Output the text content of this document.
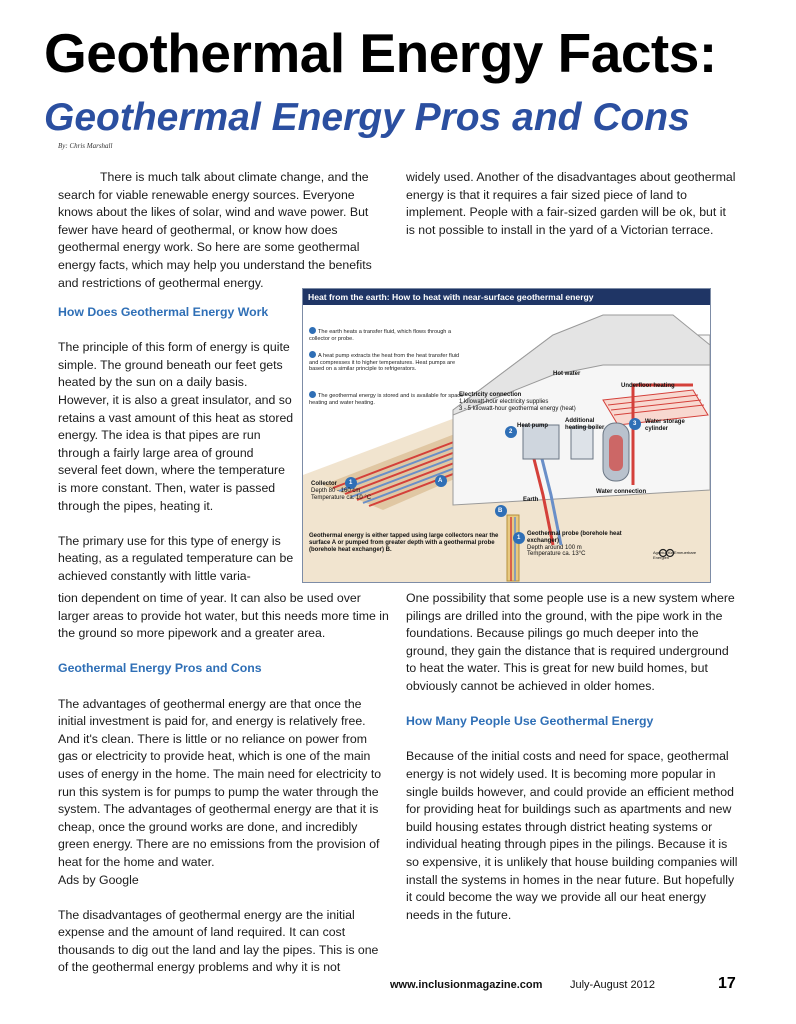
Geothermal Energy Facts:
Geothermal Energy Pros and Cons
By: Chris Marshall

There is much talk about climate change, and the search for viable renewable energy sources. Everyone knows about the likes of solar, wind and wave power. But fewer have heard of geothermal, or know how does geothermal energy work. So here are some geothermal energy facts, which may help you understand the benefits and restrictions of geothermal energy.

widely used. Another of the disadvantages about geothermal energy is that it requires a fair sized piece of land to implement. People with a fair-sized garden will be ok, but it is not possible to install in the yard of a Victorian terrace.

How Does Geothermal Energy Work

The principle of this form of energy is quite simple. The ground beneath our feet gets heated by the sun on a daily basis. However, it is also a great insulator, and so retains a vast amount of this heat as stored energy. The idea is that pipes are run through a fairly large area of ground several feet down, where the temperature is more constant. Then, water is passed through the pipes, heating it.

The primary use for this type of energy is heating, as a regulated temperature can be achieved constantly with little varia-

Heat from the earth: How to heat with near-surface geothermal energy
A
B
1
1
2
3
The earth heats a transfer fluid, which flows through a collector or probe.
A heat pump extracts the heat from the heat transfer fluid and compresses it to higher temperatures. Heat pumps are based on a similar principle to refrigerators.
The geothermal energy is stored and is available for space heating and water heating.
Hot water
Underfloor heating
Electricity connection
1 kilowatt-hour electricity supplies
3 - 5 kilowatt-hour geothermal energy (heat)
Heat pump
Additional heating boiler
Water storage cylinder
Water connection
Earth
Collector
Depth 80 - 160 cm
Temperature ca. 10 °C
Geothermal probe (borehole heat exchanger)
Depth around 100 m
Temperature ca. 13°C
Geothermal energy is either tapped using large collectors near the surface A or pumped from greater depth with a geothermal probe (borehole heat exchanger) B.	Agentur für Erneuerbare Energien

tion dependent on time of year. It can also be used over larger areas to provide hot water, but this needs more time in the ground so more pipework and a greater area.

Geothermal Energy Pros and Cons

The advantages of geothermal energy are that once the initial investment is paid for, and energy is relatively free. And it's clean. There is little or no reliance on power from gas or electricity to provide heat, which is one of the main uses of energy in the home. The main need for electricity to run this system is for pumps to pump the water through the system. The advantages of geothermal energy are that it is cheap, once the ground works are done, and incredibly green energy. There are no emissions from the provision of heat for the home and water.

Ads by Google

The disadvantages of geothermal energy are the initial expense and the amount of land required. It can cost thousands to dig out the land and lay the pipes. This is one of the geothermal energy problems and why it is not

One possibility that some people use is a new system where pilings are drilled into the ground, with the pipe work in the foundations. Because pilings go much deeper into the ground, they gain the distance that is required underground to heat the water. This is great for new build homes, but obviously cannot be achieved in older homes.

How Many People Use Geothermal Energy

Because of the initial costs and need for space, geothermal energy is not widely used. It is becoming more popular in single builds however, and could provide an efficient method for providing heat for buildings such as apartments and new build housing estates through district heating systems or individual heating through pipes in the pilings. Because it is so expensive, it is unlikely that house building companies will install the systems in homes in the near future. But hopefully it could become the way we provide all our heat energy needs in the future.

www.inclusionmagazine.com	July-August 2012	17
